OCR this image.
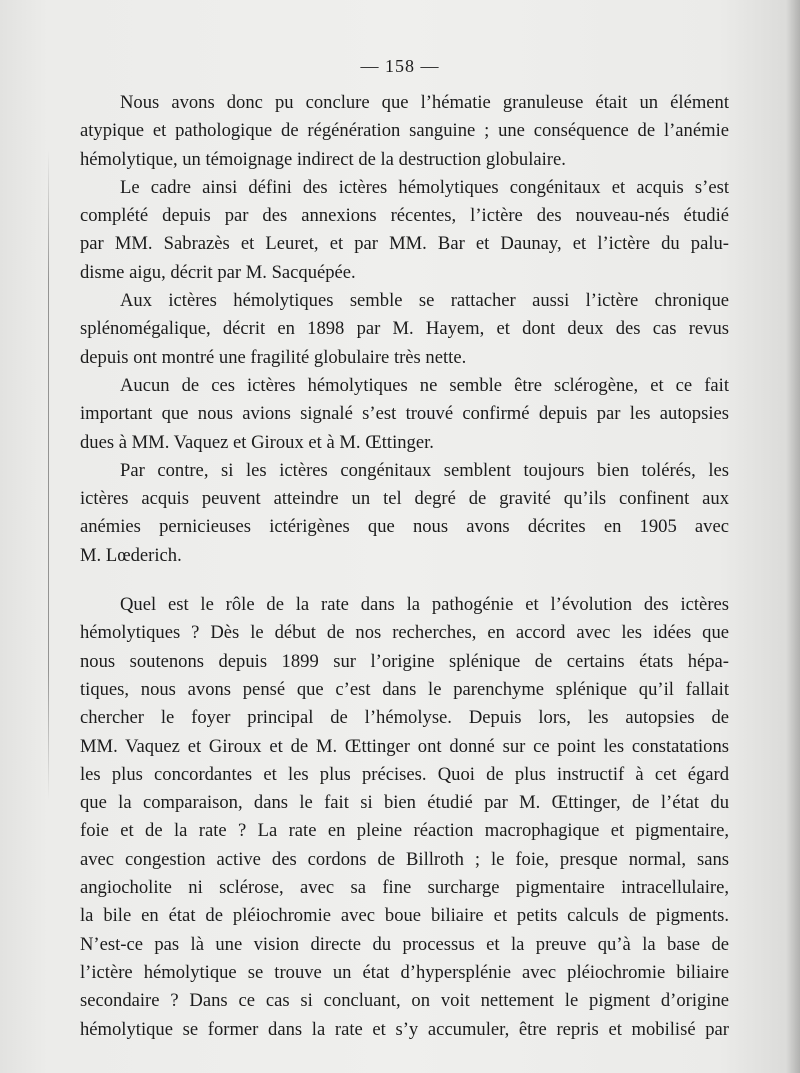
— 158 —
Nous avons donc pu conclure que l’hématie granuleuse était un élément
atypique et pathologique de régénération sanguine ; une conséquence de l’anémie
hémolytique, un témoignage indirect de la destruction globulaire.
Le cadre ainsi défini des ictères hémolytiques congénitaux et acquis s’est
complété depuis par des annexions récentes, l’ictère des nouveau-nés étudié
par MM. Sabrazès et Leuret, et par MM. Bar et Daunay, et l’ictère du palu-
disme aigu, décrit par M. Sacquépée.
Aux ictères hémolytiques semble se rattacher aussi l’ictère chronique
splénomégalique, décrit en 1898 par M. Hayem, et dont deux des cas revus
depuis ont montré une fragilité globulaire très nette.
Aucun de ces ictères hémolytiques ne semble être sclérogène, et ce fait
important que nous avions signalé s’est trouvé confirmé depuis par les autopsies
dues à MM. Vaquez et Giroux et à M. Œttinger.
Par contre, si les ictères congénitaux semblent toujours bien tolérés, les
ictères acquis peuvent atteindre un tel degré de gravité qu’ils confinent aux
anémies pernicieuses ictérigènes que nous avons décrites en 1905 avec
M. Lœderich.
Quel est le rôle de la rate dans la pathogénie et l’évolution des ictères
hémolytiques ? Dès le début de nos recherches, en accord avec les idées que
nous soutenons depuis 1899 sur l’origine splénique de certains états hépa-
tiques, nous avons pensé que c’est dans le parenchyme splénique qu’il fallait
chercher le foyer principal de l’hémolyse. Depuis lors, les autopsies de
MM. Vaquez et Giroux et de M. Œttinger ont donné sur ce point les constatations
les plus concordantes et les plus précises. Quoi de plus instructif à cet égard
que la comparaison, dans le fait si bien étudié par M. Œttinger, de l’état du
foie et de la rate ? La rate en pleine réaction macrophagique et pigmentaire,
avec congestion active des cordons de Billroth ; le foie, presque normal, sans
angiocholite ni sclérose, avec sa fine surcharge pigmentaire intracellulaire,
la bile en état de pléiochromie avec boue biliaire et petits calculs de pigments.
N’est-ce pas là une vision directe du processus et la preuve qu’à la base de
l’ictère hémolytique se trouve un état d’hypersplénie avec pléiochromie biliaire
secondaire ? Dans ce cas si concluant, on voit nettement le pigment d’origine
hémolytique se former dans la rate et s’y accumuler, être repris et mobilisé par
